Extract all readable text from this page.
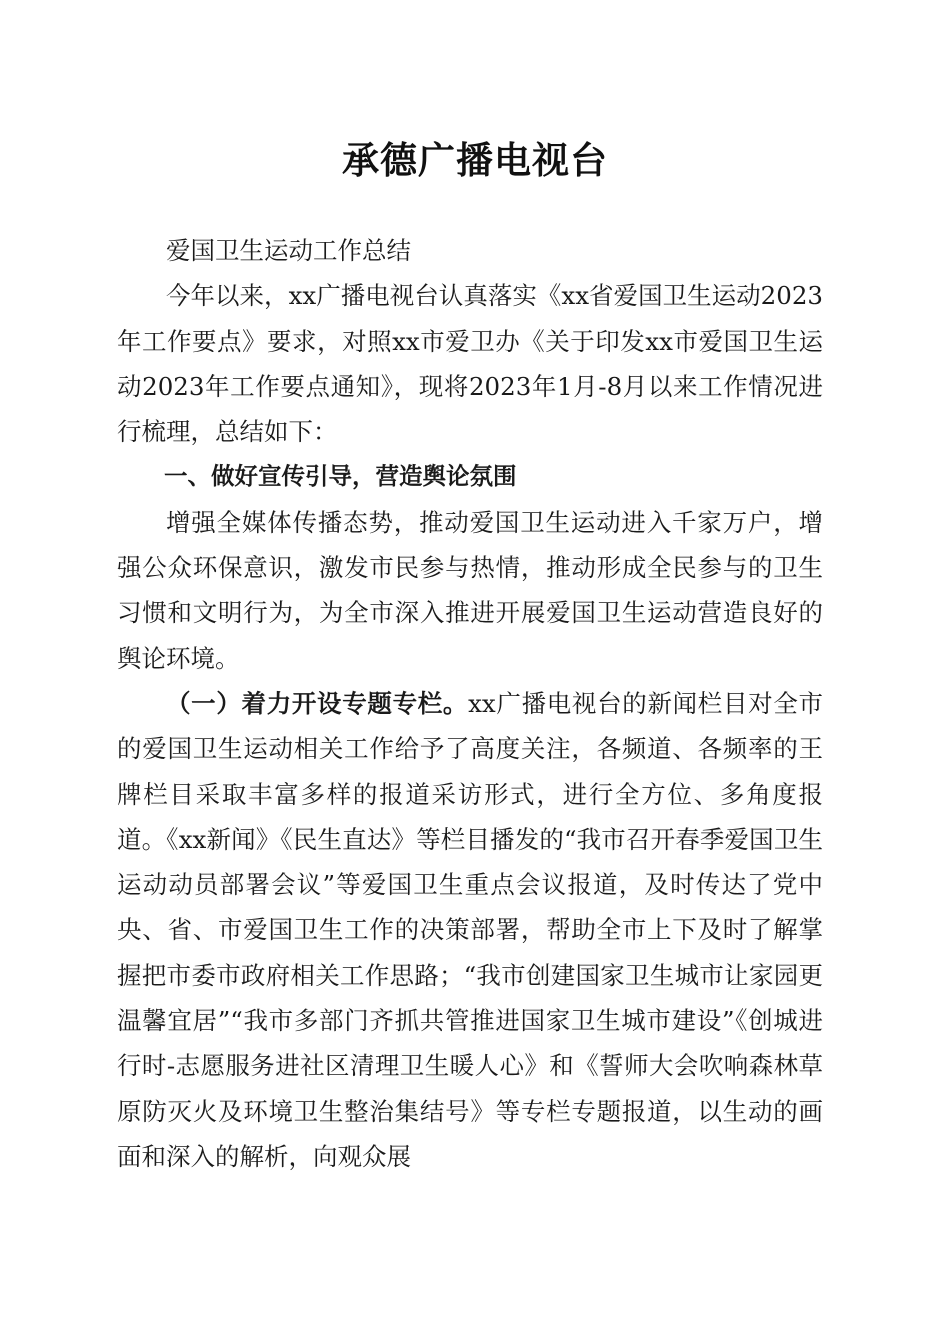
承德广播电视台

爱国卫生运动工作总结

今年以来，xx广播电视台认真落实《xx省爱国卫生运动2023年工作要点》要求，对照xx市爱卫办《关于印发xx市爱国卫生运动2023年工作要点通知》，现将2023年1月-8月以来工作情况进行梳理，总结如下：

一、做好宣传引导，营造舆论氛围

增强全媒体传播态势，推动爱国卫生运动进入千家万户，增强公众环保意识，激发市民参与热情，推动形成全民参与的卫生习惯和文明行为，为全市深入推进开展爱国卫生运动营造良好的舆论环境。

（一）着力开设专题专栏。xx广播电视台的新闻栏目对全市的爱国卫生运动相关工作给予了高度关注，各频道、各频率的王牌栏目采取丰富多样的报道采访形式，进行全方位、多角度报道。《xx新闻》《民生直达》等栏目播发的“我市召开春季爱国卫生运动动员部署会议”等爱国卫生重点会议报道，及时传达了党中央、省、市爱国卫生工作的决策部署，帮助全市上下及时了解掌握把市委市政府相关工作思路；“我市创建国家卫生城市让家园更温馨宜居”“我市多部门齐抓共管推进国家卫生城市建设”《创城进行时-志愿服务进社区清理卫生暖人心》和《誓师大会吹响森林草原防灭火及环境卫生整治集结号》等专栏专题报道，以生动的画面和深入的解析，向观众展
